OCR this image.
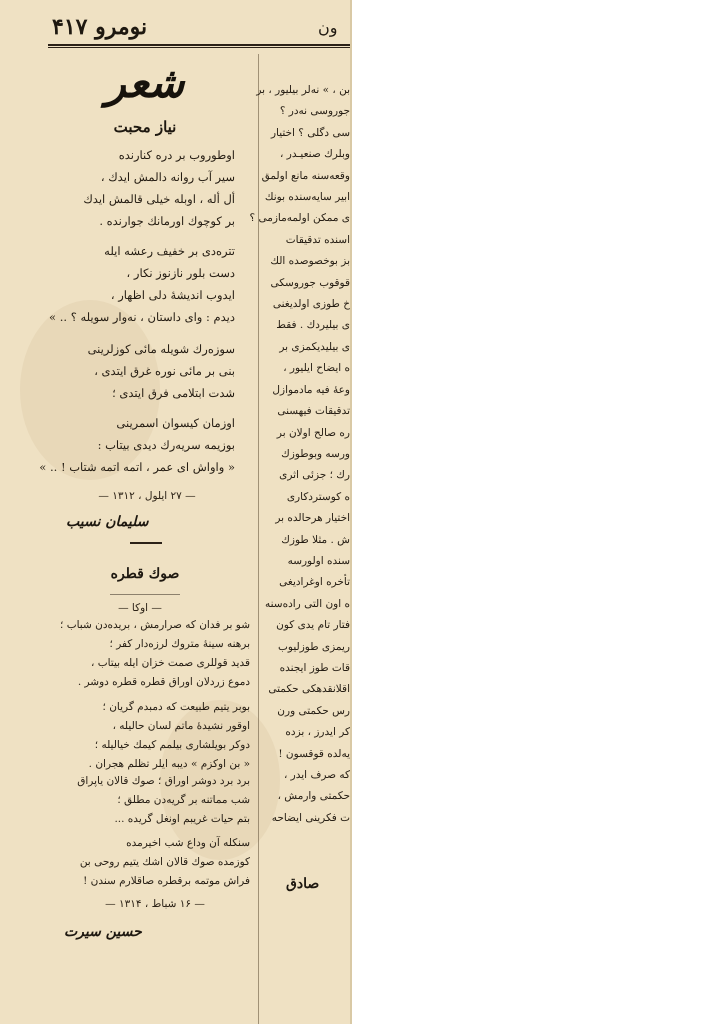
نومرو ۴۱۷	ون
شعر
نیاز محبت
اوطوروب بر دره كنارنده
سیر آب روانه دالمش ایدك ،
أل أله ، اوبله خیلی قالمش ایدك
بر كوچوك اورمانك جوارنده .
تتره‌دی بر خفیف رعشه ایله
دست بلور نازنوز نكار ،
ایدوب اندیشهٔ دلی اظهار ،
دیدم : وای داستان ، نه‌وار سویله ؟ .. »
سوزه‌رك شویله مائی كوزلرینی
بنی بر مائی نوره غرق ایتدی ،
شدت ابتلامی فرق ایتدی ؛
اوزمان كیسوان اسمرینی
بوزیمه سریه‌رك دیدی بیتاب :
« واواش ای عمر ، اتمه اتمه شتاب ! .. »
— ۲۷ ایلول ، ۱۳۱۲ —
سلیمان نسیب
صوك قطره
— اوكا —
شو بر فدان كه صرارمش ، بریده‌دن شباب ؛
برهنه سینهٔ متروك لرزه‌دار كفر ؛
قدید قوللری صمت خزان ایله بیتاب ،
دموع زردلان اوراق قطره قطره دوشر .
بوبر یتیم طبیعت كه دمبدم گریان ؛
اوقور نشیدهٔ ماتم لسان حالیله ،
دوكر بویلشاری بیلمم كیمك خیالیله ؛
« بن اوكزم » دیبه ایلر تظلم هجران .
برد برد دوشر اوراق ؛ صوك قالان یاپراق
شب مماتنه بر گریه‌دن مطلق ؛
بتم حیات غریبم اونغل گریده ...
سنكله آن وداع شب اخیرمده
كوزمده صوك قالان اشك یتیم روحی بن
فراش موتمه برقطره صاقلارم سندن !
— ۱۶ شباط ، ۱۳۱۴ —
حسین سیرت
بن ، » نه‌لر بیلیور ، بر
جوروسی نه‌در ؟
سی دگلی ؟ اختیار
وبلرك صنعیـدر ،
وقعه‌سنه مانع اولمق
ابیر سایه‌سنده بونك
ی ممكن اولمه‌مازمی ؟
اسنده تدقیقات
بز بوخصوصده الك
قوقوب جوروسكی
خ طوزی اولدیغنی
ی بیلیردك . فقط
ی بیلیدیكمزی بر
ه ایضاح ایلیور ،
وعهٔ فیه مادموازل
تدقیقات فیهسنی
ره صالح اولان بر
ورسه وبوطوزك
رك ؛ جزئی اثری
ه كوستردكاری
اختیار هرحالده بر
ش . مثلا طوزك
سنده اولورسه
تأخره اوغرادیغی
ه اون التی راده‌سنه
فتار تام یدی كون
ریمزی طوزلیوب
قات طوز ایجنده
اقلانقدهكی حكمتی
رس حكمتی ورن
كر ایدرز ، بزده
یه‌لده قوقسون !
كه صرف ایدر ،
حكمتی وارمش ،
ت فكرینی ایضاحه
صادق
